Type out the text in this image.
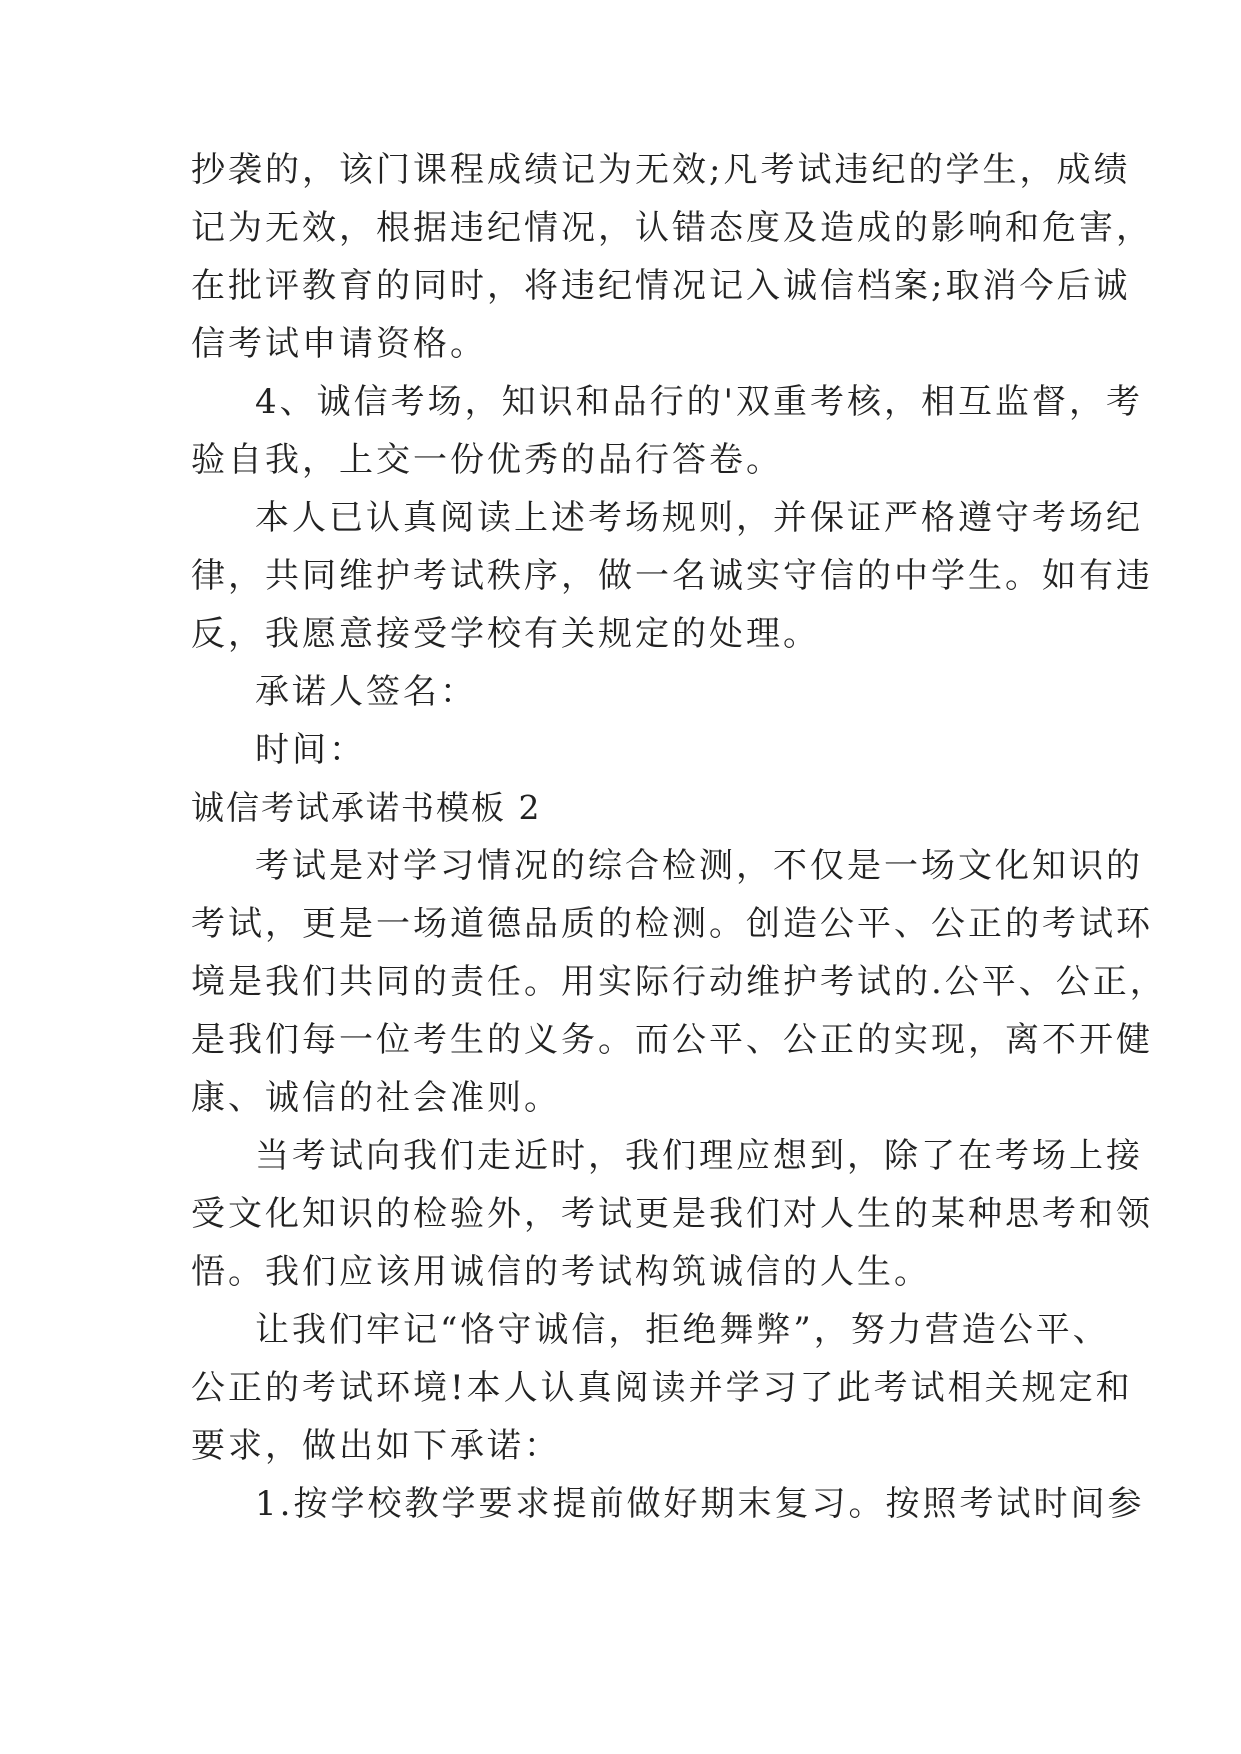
抄袭的，该门课程成绩记为无效;凡考试违纪的学生，成绩
记为无效，根据违纪情况，认错态度及造成的影响和危害，
在批评教育的同时，将违纪情况记入诚信档案;取消今后诚
信考试申请资格。
4、诚信考场，知识和品行的'双重考核，相互监督，考
验自我，上交一份优秀的品行答卷。
本人已认真阅读上述考场规则，并保证严格遵守考场纪
律，共同维护考试秩序，做一名诚实守信的中学生。如有违
反，我愿意接受学校有关规定的处理。
承诺人签名：
时间：
诚信考试承诺书模板 2
考试是对学习情况的综合检测，不仅是一场文化知识的
考试，更是一场道德品质的检测。创造公平、公正的考试环
境是我们共同的责任。用实际行动维护考试的.公平、公正，
是我们每一位考生的义务。而公平、公正的实现，离不开健
康、诚信的社会准则。
当考试向我们走近时，我们理应想到，除了在考场上接
受文化知识的检验外，考试更是我们对人生的某种思考和领
悟。我们应该用诚信的考试构筑诚信的人生。
让我们牢记“恪守诚信，拒绝舞弊”，努力营造公平、
公正的考试环境!本人认真阅读并学习了此考试相关规定和
要求，做出如下承诺：
1.按学校教学要求提前做好期末复习。按照考试时间参
